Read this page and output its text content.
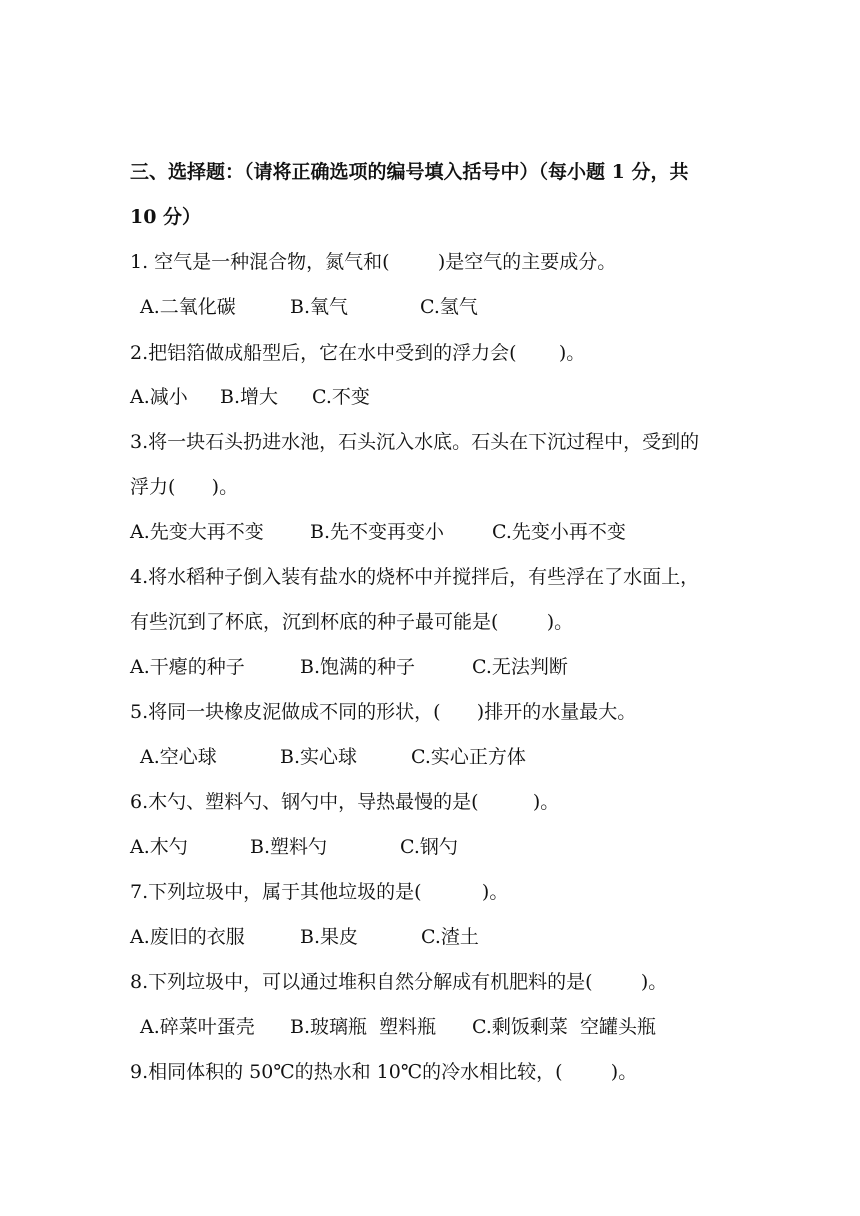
三、选择题：（请将正确选项的编号填入括号中）（每小题 1 分，共
10 分）
1. 空气是一种混合物，氮气和(        )是空气的主要成分。

A.二氧化碳

	B.氧气

	C.氢气

2.把铝箔做成船型后，它在水中受到的浮力会(       )。

A.减小

B.增大

C.不变

3.将一块石头扔进水池，石头沉入水底。石头在下沉过程中，受到的
浮力(      )。

A.先变大再不变

B.先不变再变小

	C.先变小再不变

4.将水稻种子倒入装有盐水的烧杯中并搅拌后，有些浮在了水面上，
有些沉到了杯底，沉到杯底的种子最可能是(        )。

A.干瘪的种子

	B.饱满的种子

	C.无法判断

5.将同一块橡皮泥做成不同的形状，(      )排开的水量最大。

A.空心球

	B.实心球

	C.实心正方体

6.木勺、塑料勺、钢勺中，导热最慢的是(         )。

A.木勺

	B.塑料勺

	C.钢勺

7.下列垃圾中，属于其他垃圾的是(          )。

A.废旧的衣服

	B.果皮

	C.渣土

8.下列垃圾中，可以通过堆积自然分解成有机肥料的是(        )。

A.碎菜叶蛋壳

B.玻璃瓶  塑料瓶

C.剩饭剩菜  空罐头瓶

9.相同体积的 50℃的热水和 10℃的冷水相比较，(        )。
